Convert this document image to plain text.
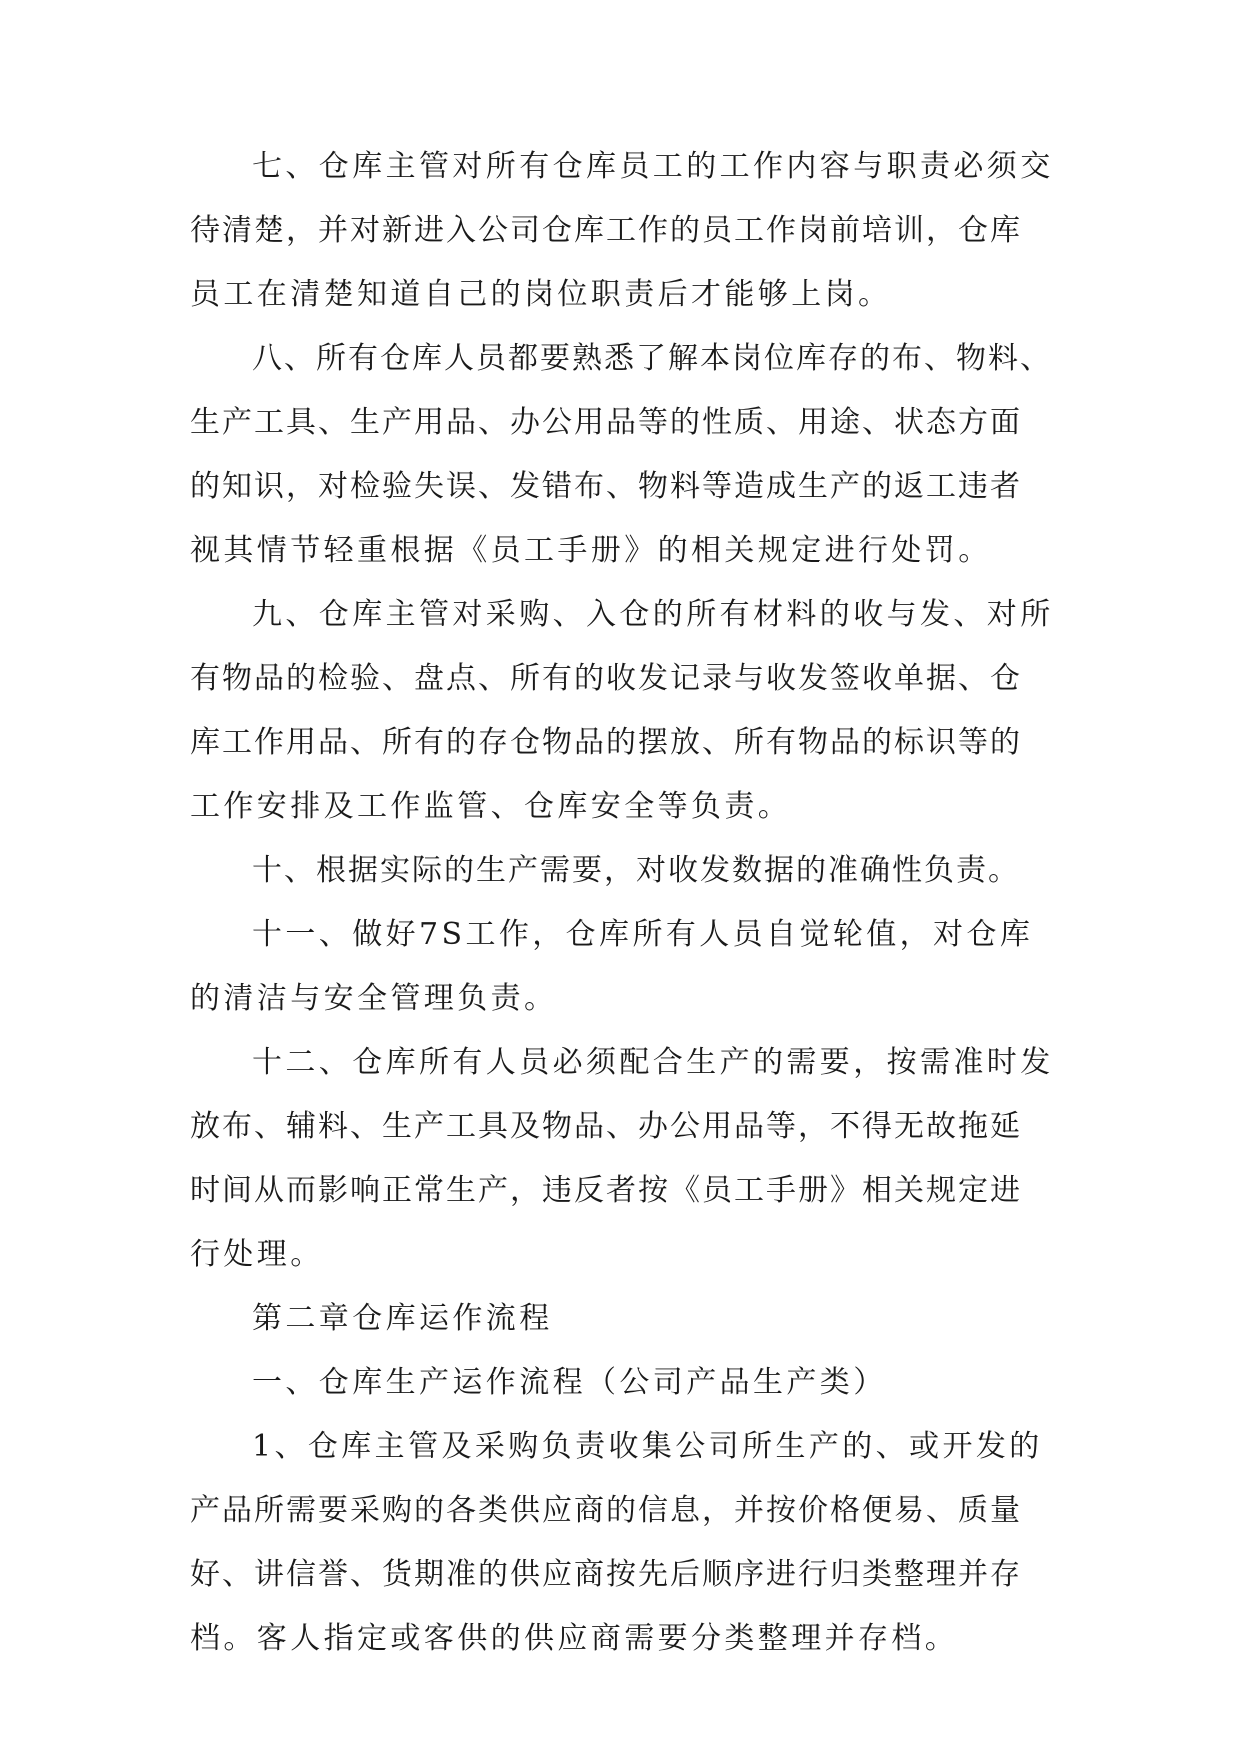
七、仓库主管对所有仓库员工的工作内容与职责必须交
待清楚，并对新进入公司仓库工作的员工作岗前培训，仓库
员工在清楚知道自己的岗位职责后才能够上岗。
八、所有仓库人员都要熟悉了解本岗位库存的布、物料、
生产工具、生产用品、办公用品等的性质、用途、状态方面
的知识，对检验失误、发错布、物料等造成生产的返工违者
视其情节轻重根据《员工手册》的相关规定进行处罚。
九、仓库主管对采购、入仓的所有材料的收与发、对所
有物品的检验、盘点、所有的收发记录与收发签收单据、仓
库工作用品、所有的存仓物品的摆放、所有物品的标识等的
工作安排及工作监管、仓库安全等负责。
十、根据实际的生产需要，对收发数据的准确性负责。
十一、做好7S工作，仓库所有人员自觉轮值，对仓库
的清洁与安全管理负责。
十二、仓库所有人员必须配合生产的需要，按需准时发
放布、辅料、生产工具及物品、办公用品等，不得无故拖延
时间从而影响正常生产，违反者按《员工手册》相关规定进
行处理。
第二章仓库运作流程
一、仓库生产运作流程（公司产品生产类）
1、仓库主管及采购负责收集公司所生产的、或开发的
产品所需要采购的各类供应商的信息，并按价格便易、质量
好、讲信誉、货期准的供应商按先后顺序进行归类整理并存
档。客人指定或客供的供应商需要分类整理并存档。
